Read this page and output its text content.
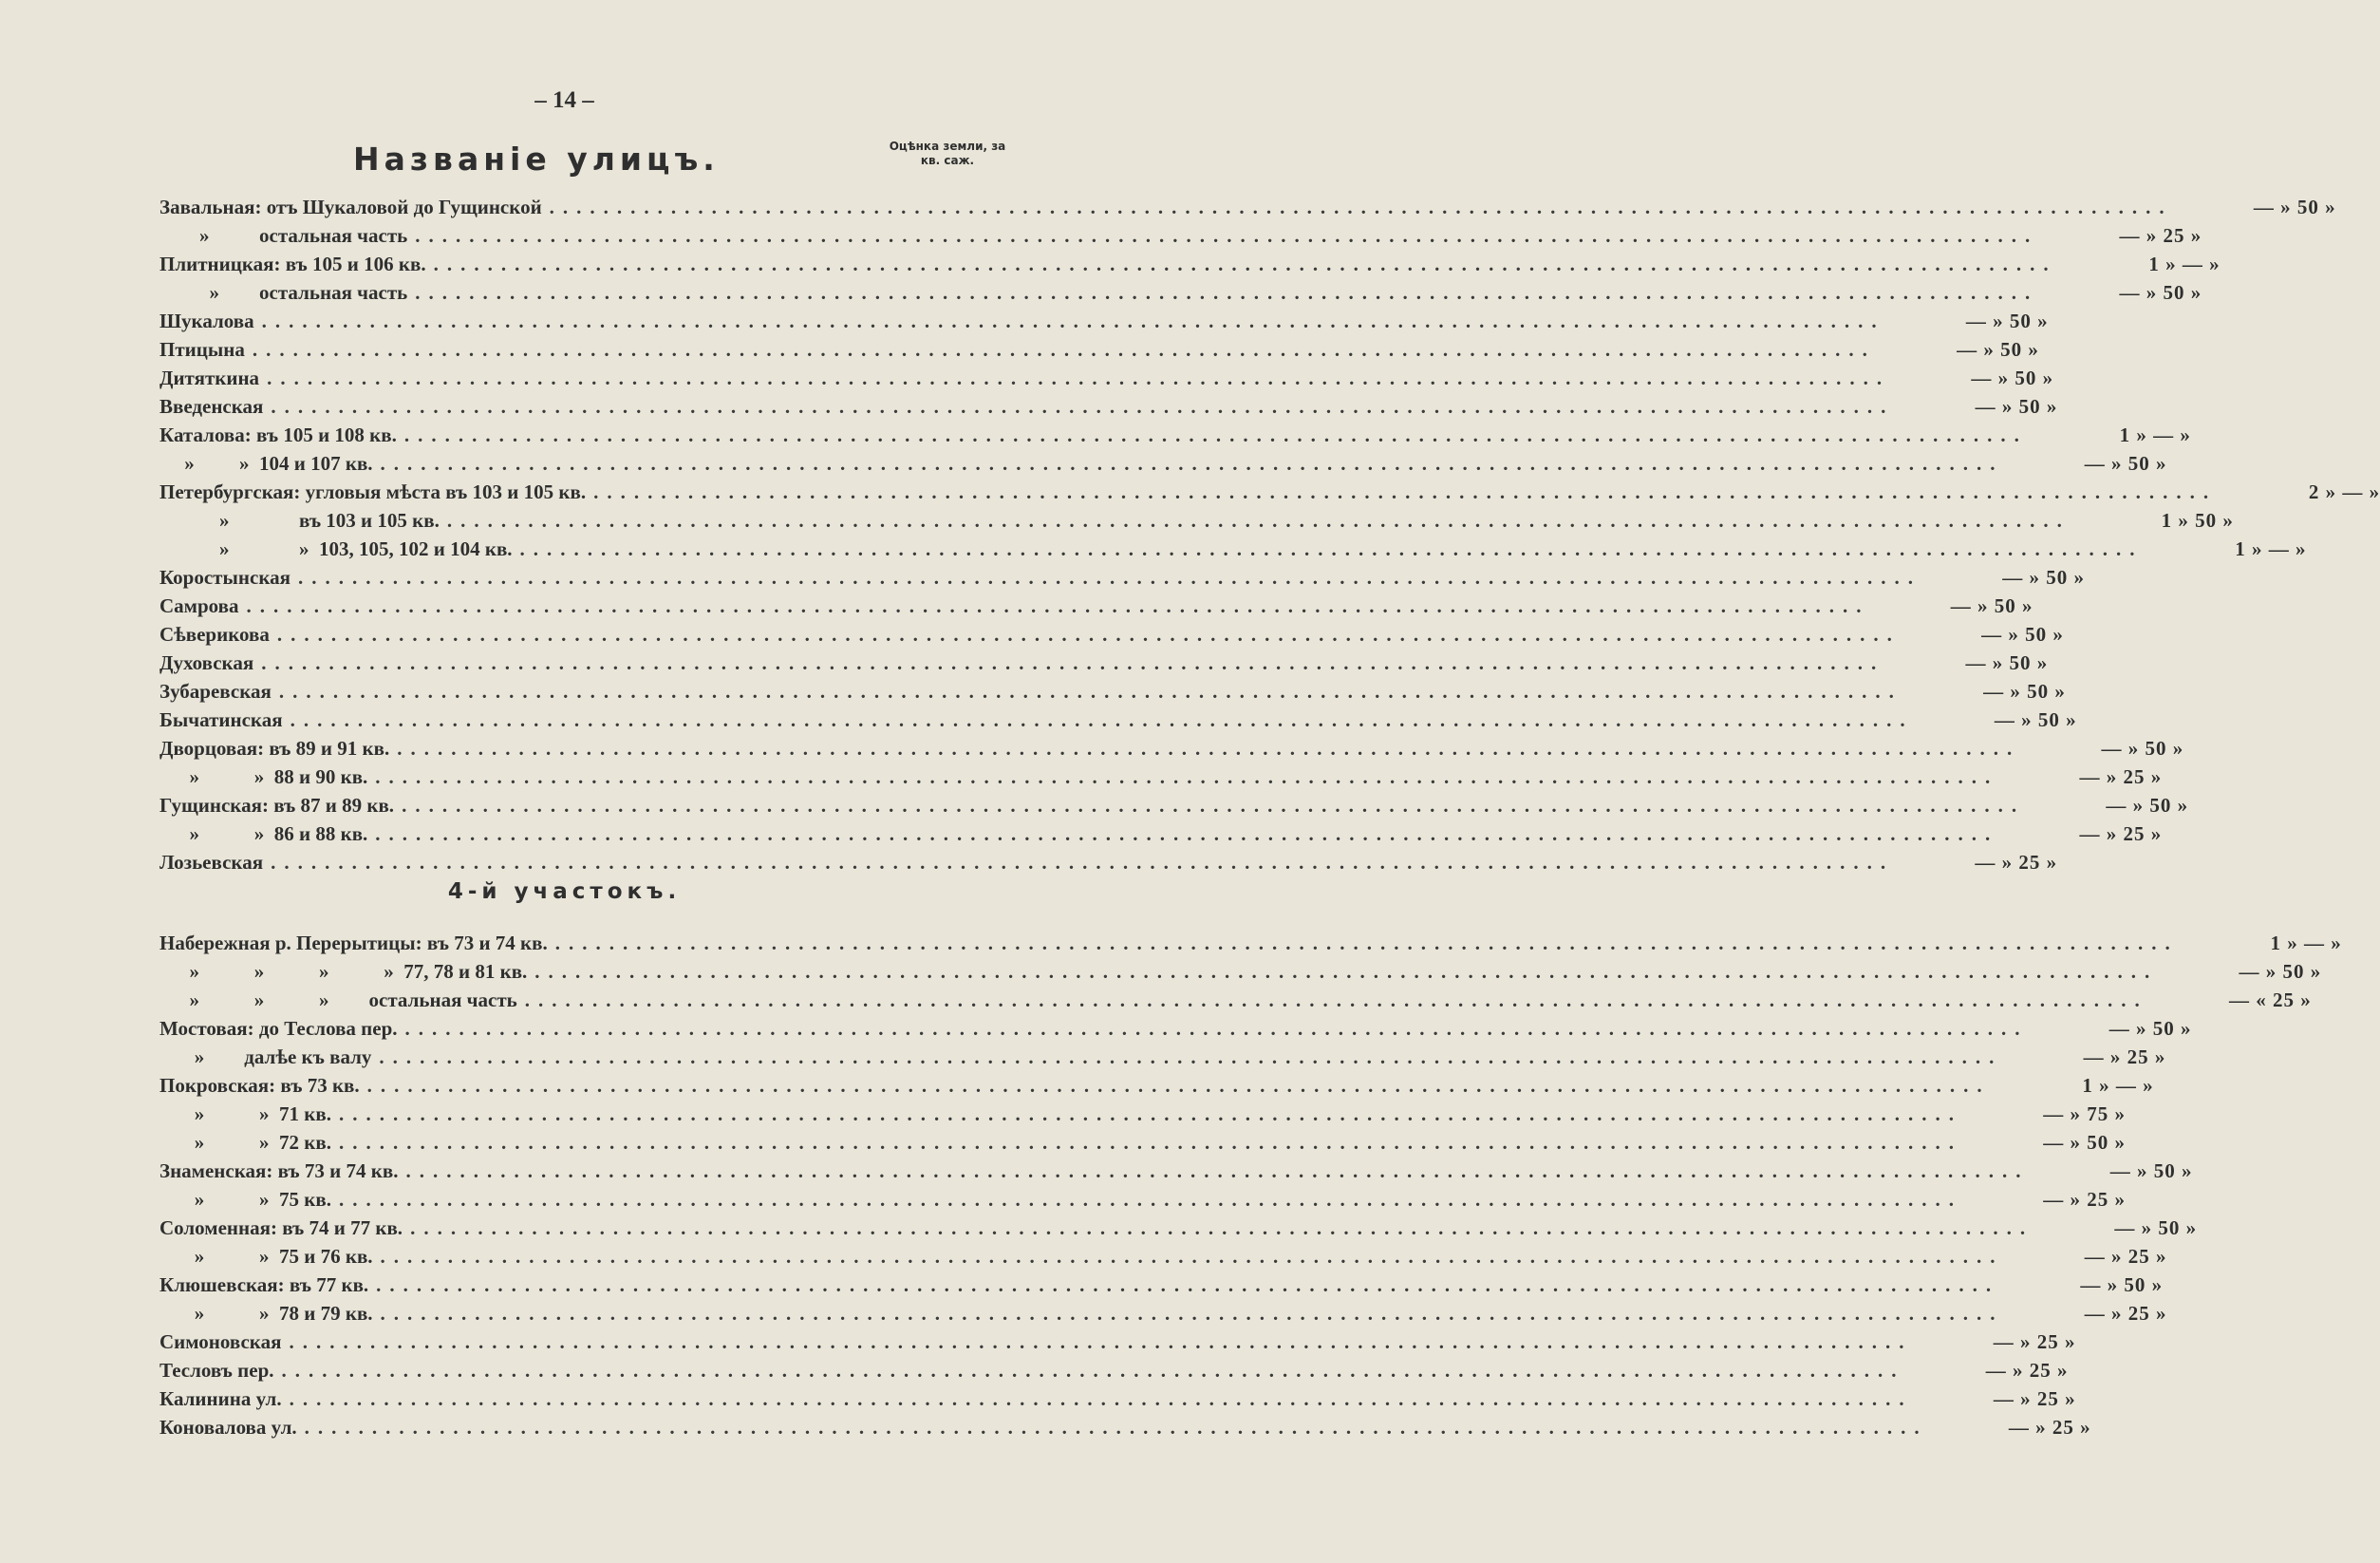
– 14 –
Названіе улицъ.	Оцѣнка земли, за
кв. саж.
Завальная: отъ Шукаловой до Гущинской ........................................................................................................................	— » 50 »
»          остальная часть ........................................................................................................................	— » 25 »
Плитницкая: въ 105 и 106 кв. ........................................................................................................................	1 » — »
»        остальная часть ........................................................................................................................	— » 50 »
Шукалова ........................................................................................................................	— » 50 »
Птицына ........................................................................................................................	— » 50 »
Дитяткина ........................................................................................................................	— » 50 »
Введенская ........................................................................................................................	— » 50 »
Каталова: въ 105 и 108 кв. ........................................................................................................................	1 » — »
»         »  104 и 107 кв. ........................................................................................................................	— » 50 »
Петербургская: угловыя мѣста въ 103 и 105 кв. ........................................................................................................................	2 » — »
»              въ 103 и 105 кв. ........................................................................................................................	1 » 50 »
»              »  103, 105, 102 и 104 кв. ........................................................................................................................	1 » — »
Коростынская ........................................................................................................................	— » 50 »
Самрова ........................................................................................................................	— » 50 »
Сѣверикова ........................................................................................................................	— » 50 »
Духовская ........................................................................................................................	— » 50 »
Зубаревская ........................................................................................................................	— » 50 »
Бычатинская ........................................................................................................................	— » 50 »
Дворцовая: въ 89 и 91 кв. ........................................................................................................................	— » 50 »
»           »  88 и 90 кв. ........................................................................................................................	— » 25 »
Гущинская: въ 87 и 89 кв. ........................................................................................................................	— » 50 »
»           »  86 и 88 кв. ........................................................................................................................	— » 25 »
Лозьевская ........................................................................................................................	— » 25 »
4-й участокъ.
Набережная р. Перерытицы: въ 73 и 74 кв. ........................................................................................................................	1 » — »
»           »           »           »  77, 78 и 81 кв. ........................................................................................................................	— » 50 »
»           »           »        остальная часть ........................................................................................................................	— « 25 »
Мостовая: до Теслова пер. ........................................................................................................................	— » 50 »
»        далѣе къ валу ........................................................................................................................	— » 25 »
Покровская: въ 73 кв. ........................................................................................................................	1 » — »
»           »  71 кв. ........................................................................................................................	— » 75 »
»           »  72 кв. ........................................................................................................................	— » 50 »
Знаменская: въ 73 и 74 кв. ........................................................................................................................	— » 50 »
»           »  75 кв. ........................................................................................................................	— » 25 »
Соломенная: въ 74 и 77 кв. ........................................................................................................................	— » 50 »
»           »  75 и 76 кв. ........................................................................................................................	— » 25 »
Клюшевская: въ 77 кв. ........................................................................................................................	— » 50 »
»           »  78 и 79 кв. ........................................................................................................................	— » 25 »
Симоновская ........................................................................................................................	— » 25 »
Тесловъ пер. ........................................................................................................................	— » 25 »
Калинина ул. ........................................................................................................................	— » 25 »
Коновалова ул. ........................................................................................................................	— » 25 »
